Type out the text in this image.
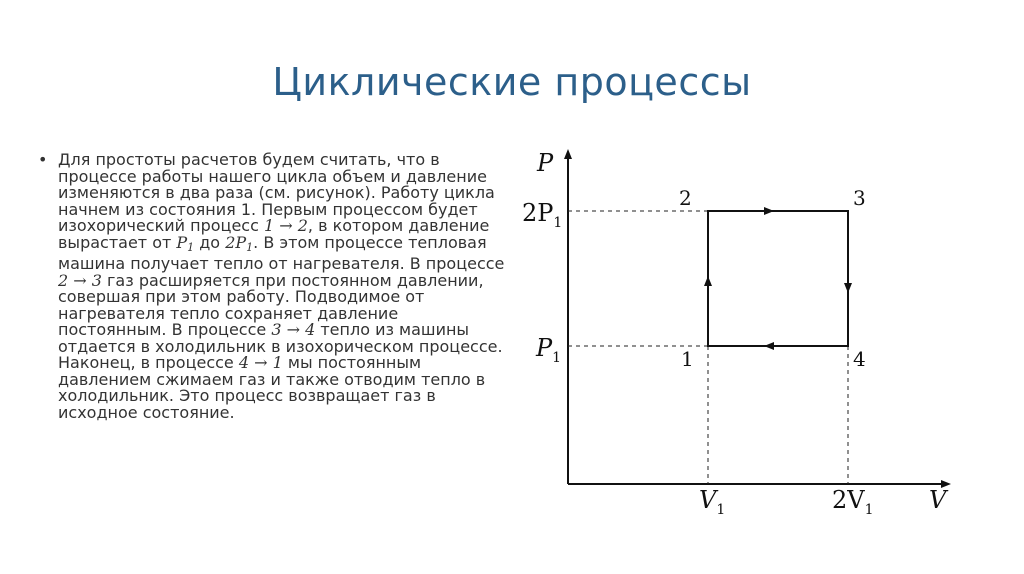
Циклические процессы
• Для простоты расчетов будем считать, что в процессе работы нашего цикла объем и давление изменяются в два раза (см. рисунок). Работу цикла начнем из состояния 1. Первым процессом будет изохорический процесс 1 → 2, в котором давление вырастает от $P_1$ до $2P_1$. В этом процессе тепловая машина получает тепло от нагревателя. В процессе 2 → 3 газ расширяется при постоянном давлении, совершая при этом работу. Подводимое от нагревателя тепло сохраняет давление постоянным. В процессе 3 → 4 тепло из машины отдается в холодильник в изохорическом процессе. Наконец, в процессе 4 → 1 мы постоянным давлением сжимаем газ и также отводим тепло в холодильник. Это процесс возвращает газ в исходное состояние.
P
V
$2P_1$
$P_1$
$V_1$	$2V_1$
2	3
1	4
